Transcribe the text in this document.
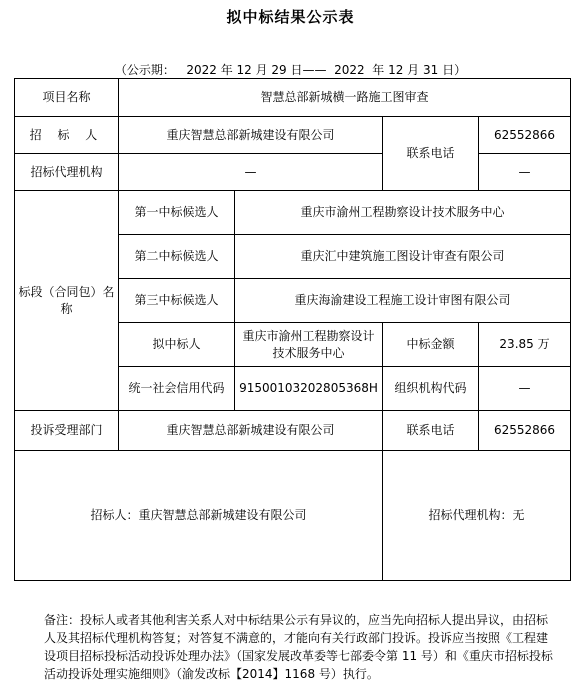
拟中标结果公示表
（公示期：   2022 年 12 月 29 日——  2022  年 12 月 31 日）
项目名称	智慧总部新城横一路施工图审查			
招 标 人	重庆智慧总部新城建设有限公司		联系电话	62552866
招标代理机构	—			—
标段（合同包）名称	第一中标候选人	重庆市渝州工程勘察设计技术服务中心		
	第二中标候选人	重庆汇中建筑施工图设计审查有限公司		
	第三中标候选人	重庆海渝建设工程施工设计审图有限公司		
	拟中标人	重庆市渝州工程勘察设计技术服务中心	中标金额	23.85 万
	统一社会信用代码	91500103202805368H	组织机构代码	—
投诉受理部门	重庆智慧总部新城建设有限公司		联系电话	62552866
招标人：重庆智慧总部新城建设有限公司			招标代理机构：无	
备注：投标人或者其他利害关系人对中标结果公示有异议的，应当先向招标人提出异议，由招标人及其招标代理机构答复；对答复不满意的，才能向有关行政部门投诉。投诉应当按照《工程建设项目招标投标活动投诉处理办法》（国家发展改革委等七部委令第 11 号）和《重庆市招标投标活动投诉处理实施细则》（渝发改标【2014】1168 号）执行。
